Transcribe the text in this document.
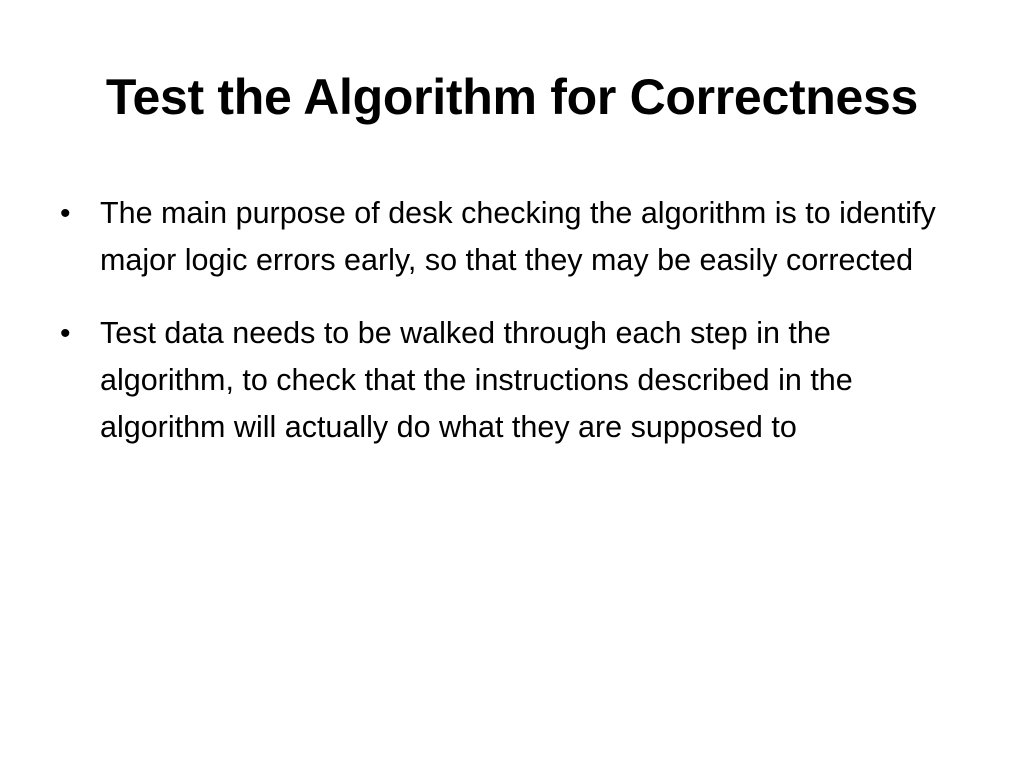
Test the Algorithm for Correctness
• The main purpose of desk checking the algorithm is to identify major logic errors early, so that they may be easily corrected
• Test data needs to be walked through each step in the algorithm, to check that the instructions described in the algorithm will actually do what they are supposed to
